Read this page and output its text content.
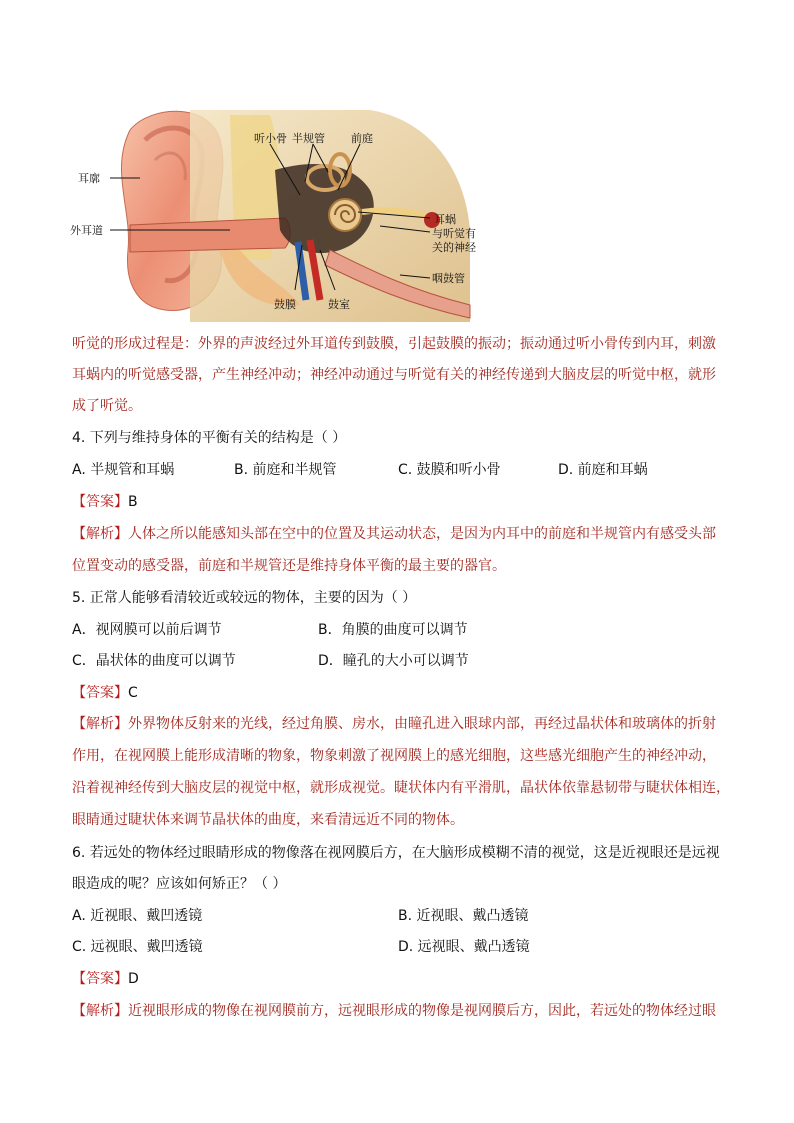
耳廓
外耳道
听小骨 半规管 前庭
耳蜗
与听觉有
关的神经
咽鼓管
鼓膜	鼓室
听觉的形成过程是：外界的声波经过外耳道传到鼓膜，引起鼓膜的振动；振动通过听小骨传到内耳，刺激
耳蜗内的听觉感受器，产生神经冲动；神经冲动通过与听觉有关的神经传递到大脑皮层的听觉中枢，就形
成了听觉。
4. 下列与维持身体的平衡有关的结构是（ ）
A. 半规管和耳蜗	B. 前庭和半规管	C. 鼓膜和听小骨	D. 前庭和耳蜗
【答案】B
【解析】人体之所以能感知头部在空中的位置及其运动状态，是因为内耳中的前庭和半规管内有感受头部
位置变动的感受器，前庭和半规管还是维持身体平衡的最主要的器官。
5. 正常人能够看清较近或较远的物体，主要的因为（ ）
A．视网膜可以前后调节	B．角膜的曲度可以调节
C．晶状体的曲度可以调节	D．瞳孔的大小可以调节
【答案】C
【解析】外界物体反射来的光线，经过角膜、房水，由瞳孔进入眼球内部，再经过晶状体和玻璃体的折射
作用，在视网膜上能形成清晰的物象，物象刺激了视网膜上的感光细胞，这些感光细胞产生的神经冲动，
沿着视神经传到大脑皮层的视觉中枢，就形成视觉。睫状体内有平滑肌，晶状体依靠悬韧带与睫状体相连，
眼睛通过睫状体来调节晶状体的曲度，来看清远近不同的物体。
6. 若远处的物体经过眼睛形成的物像落在视网膜后方，在大脑形成模糊不清的视觉，这是近视眼还是远视
眼造成的呢？应该如何矫正？（ ）
A. 近视眼、戴凹透镜	B. 近视眼、戴凸透镜
C. 远视眼、戴凹透镜	D. 远视眼、戴凸透镜
【答案】D
【解析】近视眼形成的物像在视网膜前方，远视眼形成的物像是视网膜后方，因此，若远处的物体经过眼
